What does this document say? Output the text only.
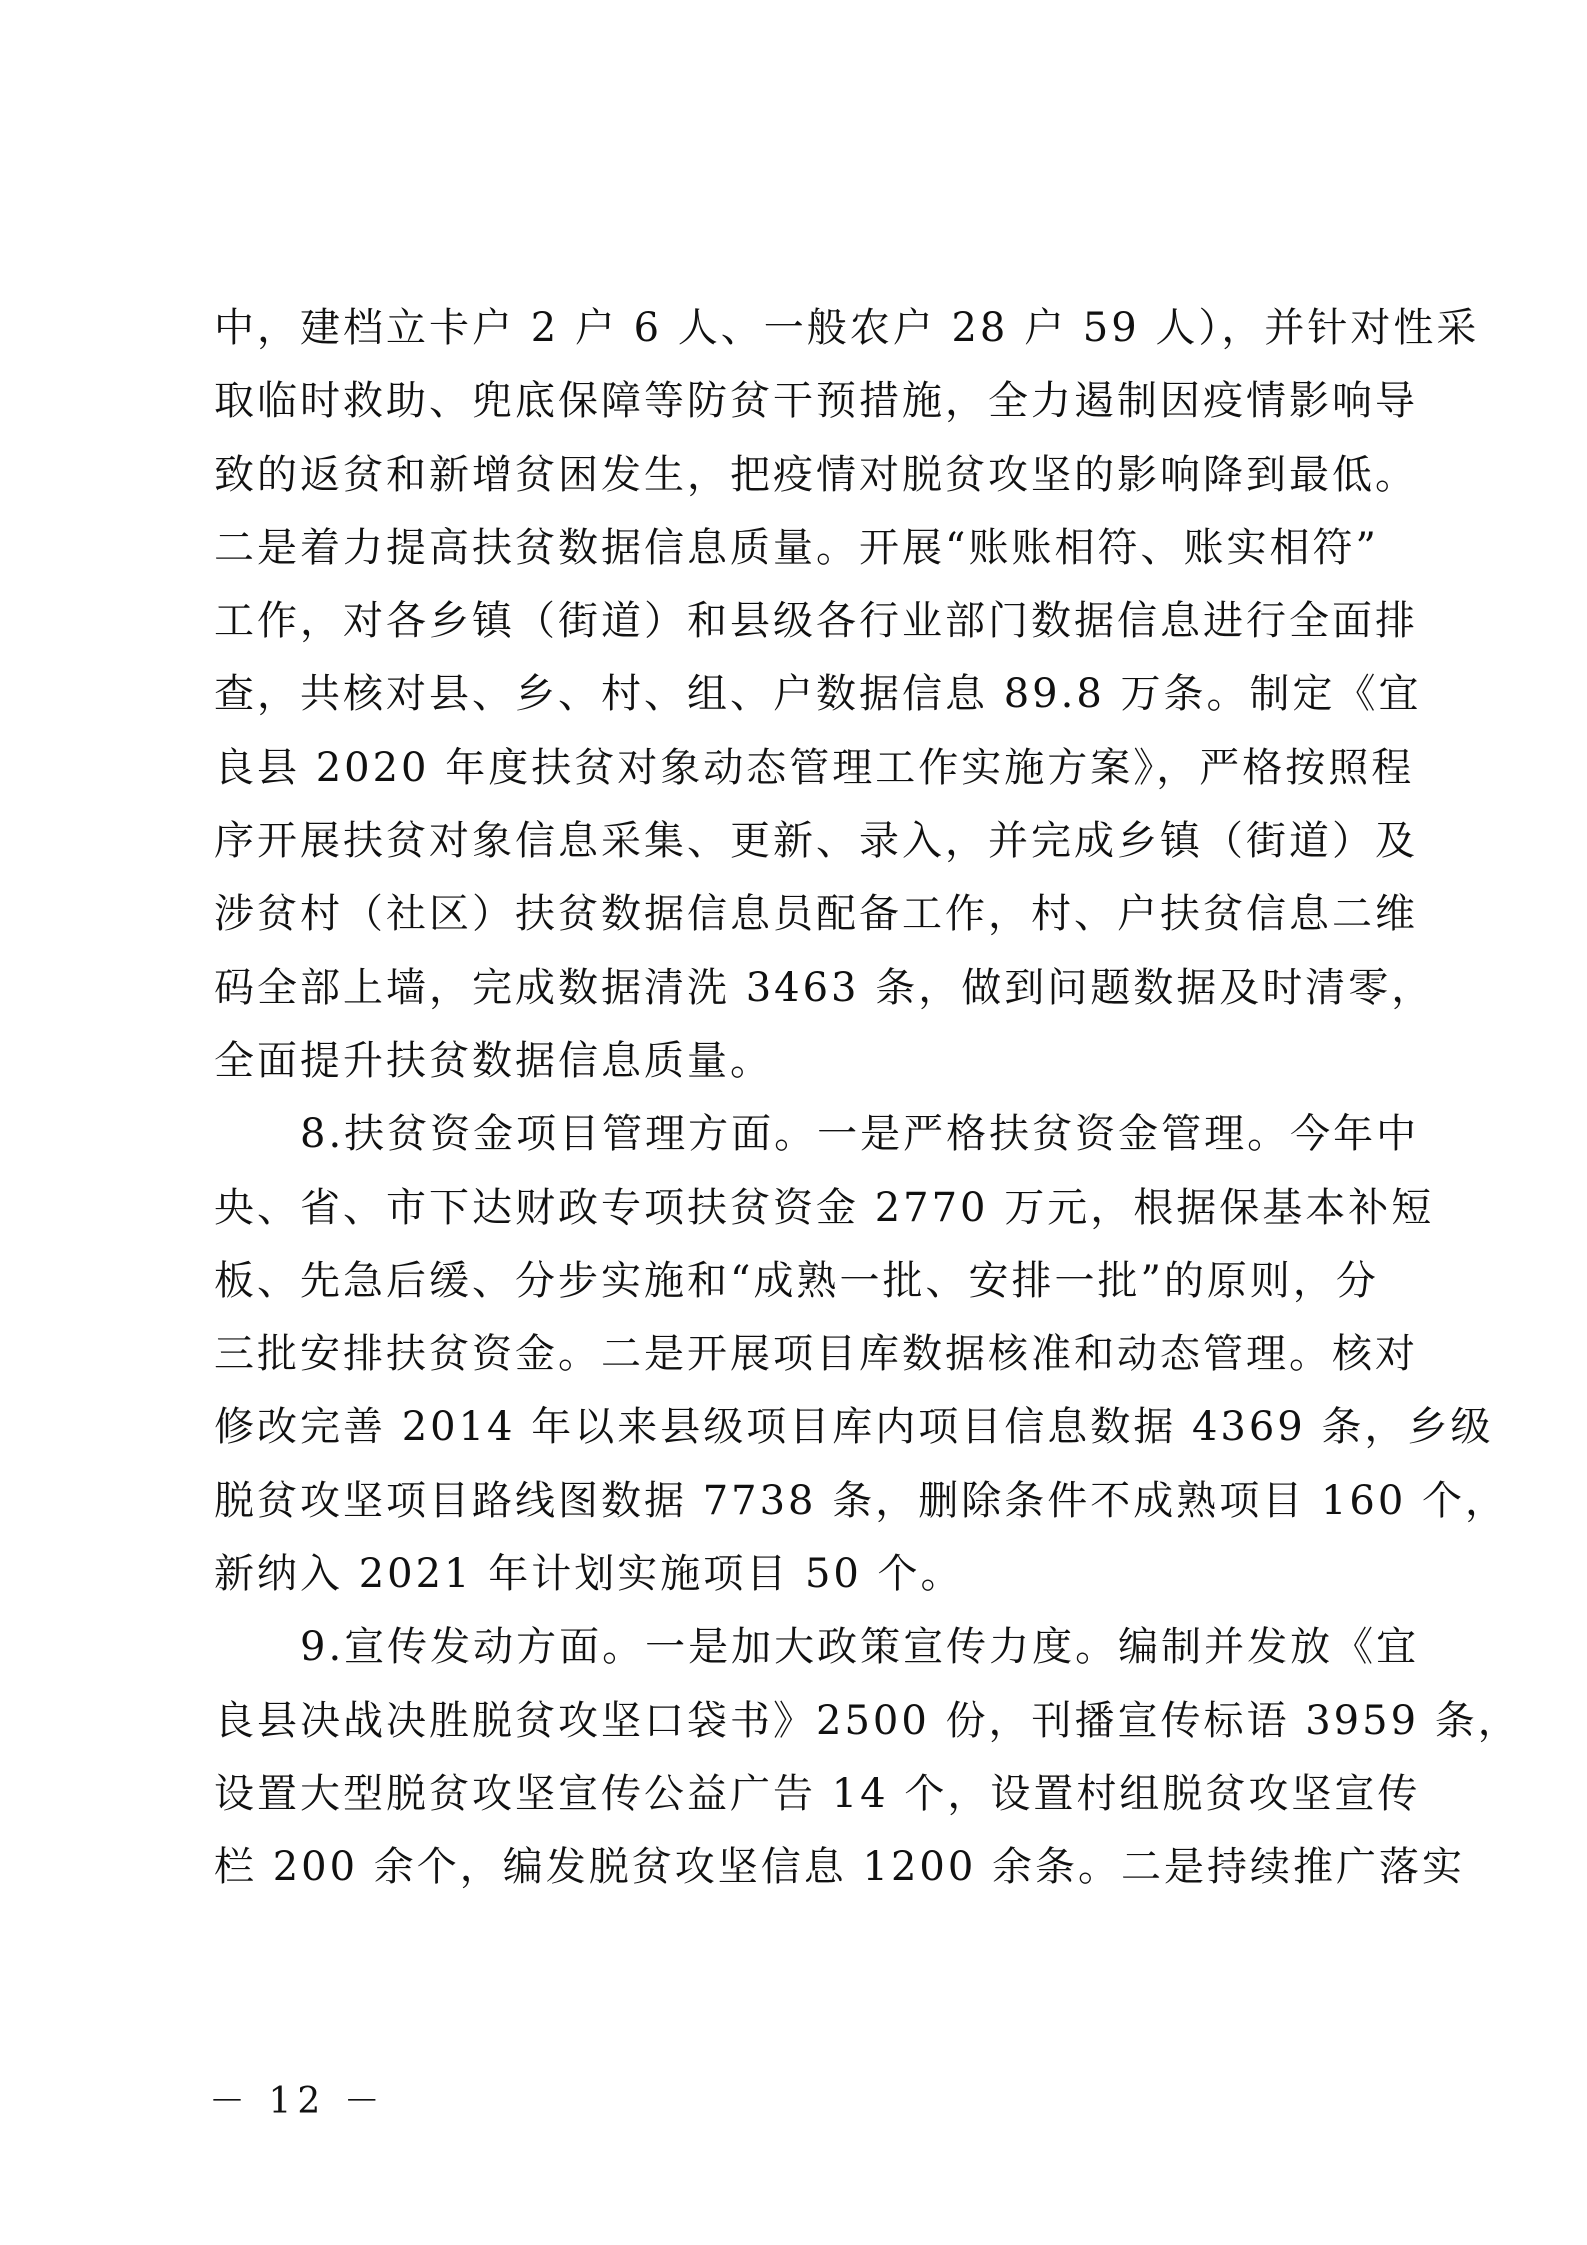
中，建档立卡户 2 户 6 人、一般农户 28 户 59 人），并针对性采
取临时救助、兜底保障等防贫干预措施，全力遏制因疫情影响导
致的返贫和新增贫困发生，把疫情对脱贫攻坚的影响降到最低。
二是着力提高扶贫数据信息质量。开展“账账相符、账实相符”
工作，对各乡镇（街道）和县级各行业部门数据信息进行全面排
查，共核对县、乡、村、组、户数据信息 89.8 万条。制定《宜
良县 2020 年度扶贫对象动态管理工作实施方案》，严格按照程
序开展扶贫对象信息采集、更新、录入，并完成乡镇（街道）及
涉贫村（社区）扶贫数据信息员配备工作，村、户扶贫信息二维
码全部上墙，完成数据清洗 3463 条，做到问题数据及时清零，
全面提升扶贫数据信息质量。
　　8.扶贫资金项目管理方面。一是严格扶贫资金管理。今年中
央、省、市下达财政专项扶贫资金 2770 万元，根据保基本补短
板、先急后缓、分步实施和“成熟一批、安排一批”的原则，分
三批安排扶贫资金。二是开展项目库数据核准和动态管理。核对
修改完善 2014 年以来县级项目库内项目信息数据 4369 条，乡级
脱贫攻坚项目路线图数据 7738 条，删除条件不成熟项目 160 个，
新纳入 2021 年计划实施项目 50 个。
　　9.宣传发动方面。一是加大政策宣传力度。编制并发放《宜
良县决战决胜脱贫攻坚口袋书》2500 份，刊播宣传标语 3959 条，
设置大型脱贫攻坚宣传公益广告 14 个，设置村组脱贫攻坚宣传
栏 200 余个，编发脱贫攻坚信息 1200 余条。二是持续推广落实
－ 12 －
